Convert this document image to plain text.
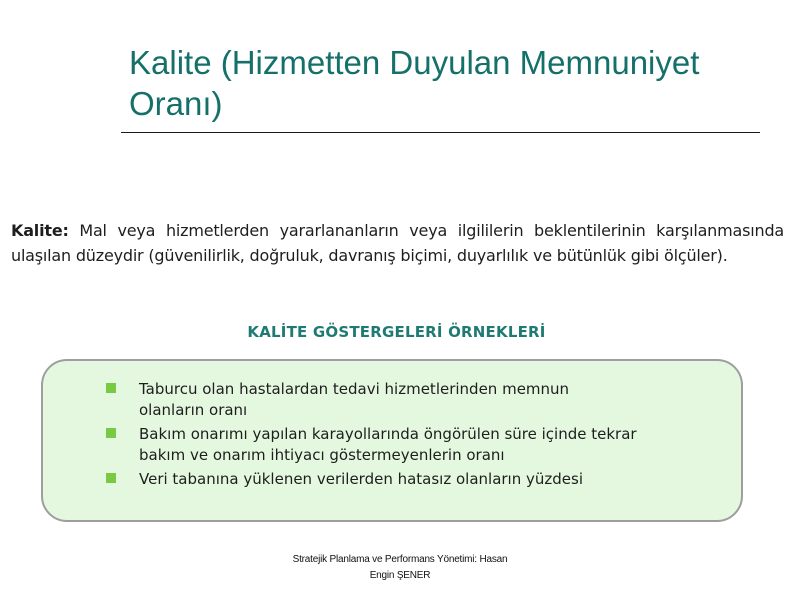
Kalite (Hizmetten Duyulan Memnuniyet
Oranı)

Kalite: Mal veya hizmetlerden yararlananların veya ilgililerin beklentilerinin karşılanmasında ulaşılan düzeydir (güvenilirlik, doğruluk, davranış biçimi, duyarlılık ve bütünlük gibi ölçüler).

KALİTE GÖSTERGELERİ ÖRNEKLERİ
Taburcu olan hastalardan tedavi hizmetlerinden memnun
olanların oranı
Bakım onarımı yapılan karayollarında öngörülen süre içinde tekrar
bakım ve onarım ihtiyacı göstermeyenlerin oranı
Veri tabanına yüklenen verilerden hatasız olanların yüzdesi
Stratejik Planlama ve Performans Yönetimi: Hasan
Engin ŞENER
